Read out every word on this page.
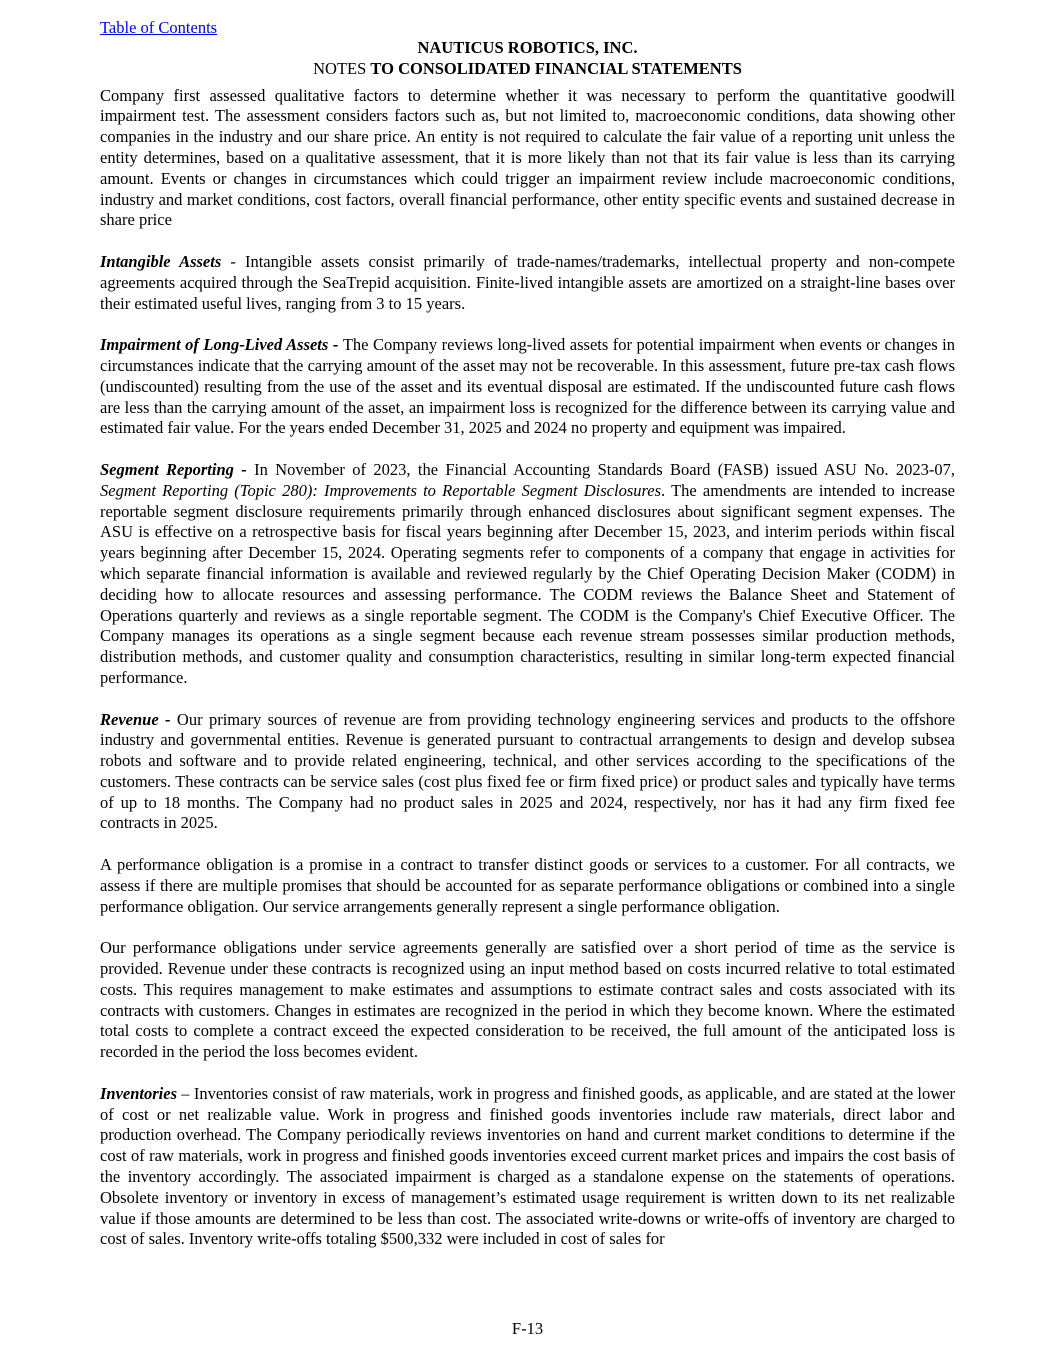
Table of Contents
NAUTICUS ROBOTICS, INC.
NOTES TO CONSOLIDATED FINANCIAL STATEMENTS

Company first assessed qualitative factors to determine whether it was necessary to perform the quantitative goodwill impairment test. The assessment considers factors such as, but not limited to, macroeconomic conditions, data showing other companies in the industry and our share price. An entity is not required to calculate the fair value of a reporting unit unless the entity determines, based on a qualitative assessment, that it is more likely than not that its fair value is less than its carrying amount. Events or changes in circumstances which could trigger an impairment review include macroeconomic conditions, industry and market conditions, cost factors, overall financial performance, other entity specific events and sustained decrease in share price

Intangible Assets - Intangible assets consist primarily of trade-names/trademarks, intellectual property and non-compete agreements acquired through the SeaTrepid acquisition. Finite-lived intangible assets are amortized on a straight-line bases over their estimated useful lives, ranging from 3 to 15 years.

Impairment of Long-Lived Assets - The Company reviews long-lived assets for potential impairment when events or changes in circumstances indicate that the carrying amount of the asset may not be recoverable. In this assessment, future pre-tax cash flows (undiscounted) resulting from the use of the asset and its eventual disposal are estimated. If the undiscounted future cash flows are less than the carrying amount of the asset, an impairment loss is recognized for the difference between its carrying value and estimated fair value. For the years ended December 31, 2025 and 2024 no property and equipment was impaired.

Segment Reporting - In November of 2023, the Financial Accounting Standards Board (FASB) issued ASU No. 2023-07, Segment Reporting (Topic 280): Improvements to Reportable Segment Disclosures. The amendments are intended to increase reportable segment disclosure requirements primarily through enhanced disclosures about significant segment expenses. The ASU is effective on a retrospective basis for fiscal years beginning after December 15, 2023, and interim periods within fiscal years beginning after December 15, 2024. Operating segments refer to components of a company that engage in activities for which separate financial information is available and reviewed regularly by the Chief Operating Decision Maker (CODM) in deciding how to allocate resources and assessing performance. The CODM reviews the Balance Sheet and Statement of Operations quarterly and reviews as a single reportable segment. The CODM is the Company's Chief Executive Officer. The Company manages its operations as a single segment because each revenue stream possesses similar production methods, distribution methods, and customer quality and consumption characteristics, resulting in similar long-term expected financial performance.

Revenue - Our primary sources of revenue are from providing technology engineering services and products to the offshore industry and governmental entities. Revenue is generated pursuant to contractual arrangements to design and develop subsea robots and software and to provide related engineering, technical, and other services according to the specifications of the customers. These contracts can be service sales (cost plus fixed fee or firm fixed price) or product sales and typically have terms of up to 18 months. The Company had no product sales in 2025 and 2024, respectively, nor has it had any firm fixed fee contracts in 2025.

A performance obligation is a promise in a contract to transfer distinct goods or services to a customer. For all contracts, we assess if there are multiple promises that should be accounted for as separate performance obligations or combined into a single performance obligation. Our service arrangements generally represent a single performance obligation.

Our performance obligations under service agreements generally are satisfied over a short period of time as the service is provided. Revenue under these contracts is recognized using an input method based on costs incurred relative to total estimated costs. This requires management to make estimates and assumptions to estimate contract sales and costs associated with its contracts with customers. Changes in estimates are recognized in the period in which they become known. Where the estimated total costs to complete a contract exceed the expected consideration to be received, the full amount of the anticipated loss is recorded in the period the loss becomes evident.

Inventories – Inventories consist of raw materials, work in progress and finished goods, as applicable, and are stated at the lower of cost or net realizable value. Work in progress and finished goods inventories include raw materials, direct labor and production overhead. The Company periodically reviews inventories on hand and current market conditions to determine if the cost of raw materials, work in progress and finished goods inventories exceed current market prices and impairs the cost basis of the inventory accordingly. The associated impairment is charged as a standalone expense on the statements of operations. Obsolete inventory or inventory in excess of management’s estimated usage requirement is written down to its net realizable value if those amounts are determined to be less than cost. The associated write-downs or write-offs of inventory are charged to cost of sales. Inventory write-offs totaling $500,332 were included in cost of sales for

F-13
